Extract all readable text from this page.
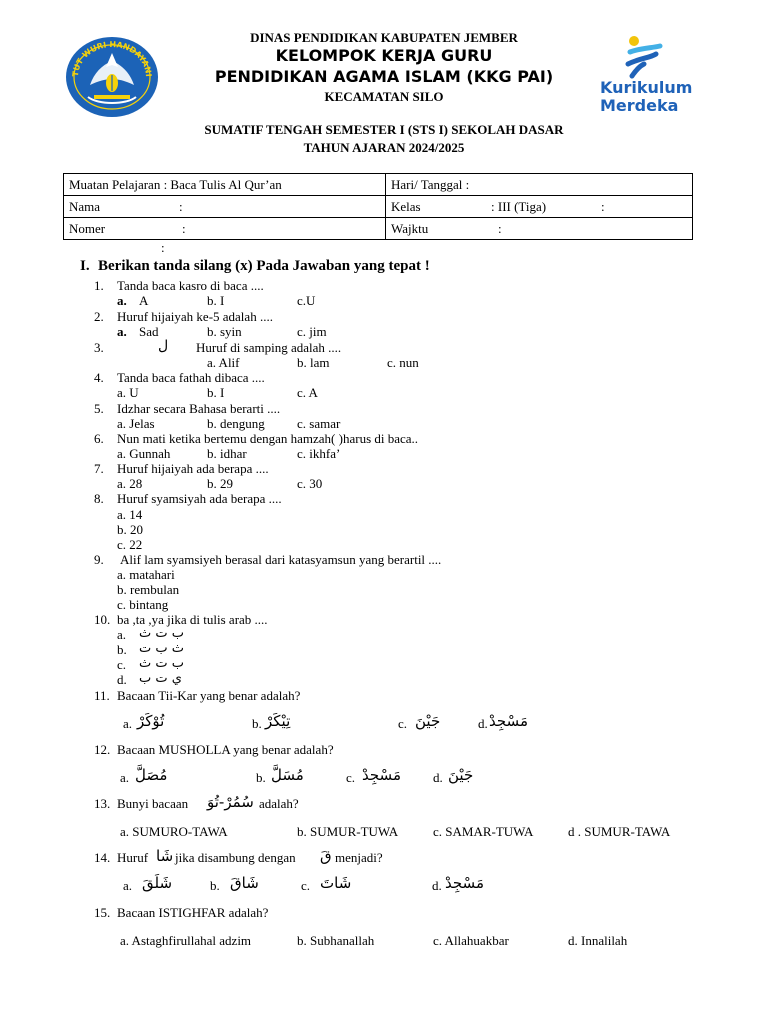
TUT WURI HANDAYANI
Kurikulum
Merdeka
DINAS PENDIDIKAN KABUPATEN JEMBER
KELOMPOK KERJA GURU
PENDIDIKAN AGAMA ISLAM (KKG PAI)
KECAMATAN SILO
SUMATIF TENGAH SEMESTER I (STS I) SEKOLAH DASAR
TAHUN AJARAN 2024/2025
Muatan Pelajaran : Baca Tulis Al Qur’an	Hari/ Tanggal :
Nama :	Kelas : III (Tiga) :
Nomer :	Wajktu :
:
I. Berikan tanda silang (x) Pada Jawaban yang tepat !
1. Tanda baca kasro di baca ....
a. A	b. I	c.U
2. Huruf hijaiyah ke-5 adalah ....
a. Sad	b. syin	c. jim
3.	ل Huruf di samping adalah ....
a. Alif	b. lam	c. nun
4. Tanda baca fathah dibaca ....
a. U	b. I	c. A
5. Idzhar secara Bahasa berarti ....
a. Jelas	b. dengung c. samar
6. Nun mati ketika bertemu dengan hamzah( )harus di baca..
a. Gunnah	b. idhar	c. ikhfa’
7. Huruf hijaiyah ada berapa ....
a. 28	b. 29	c. 30
8. Huruf syamsiyah ada berapa ....
a. 14
b. 20
c. 22
9. Alif lam syamsiyeh berasal dari katasyamsun yang berartil ....
a. matahari
b. rembulan
c. bintang
10. ba ,ta ,ya jika di tulis arab ....
a. ب ت ث
b. ث ب ت
c. ب ت ث
d. ي ت ب
11. Bacaan Tii-Kar yang benar adalah?
a. تُوْكَرْ	b. تِيْكَرْ	c. جَيْنَ	d. مَسْجِدْ
12. Bacaan MUSHOLLA yang benar adalah?
a. مُصَلَّ	b. مُسَلَّ	c. مَسْجِدْ d. جَيْنَ
13. Bunyi bacaan سُمُرْ-تُوَ adalah?
a. SUMURO-TAWA	b. SUMUR-TUWA	c. SAMAR-TUWA	d . SUMUR-TAWA
14. Huruf شَا jika disambung dengan قَ menjadi?
a. شَلَقَ	b. شَاقَ	c. شَاتَ	d. مَسْجِدْ
15. Bacaan ISTIGHFAR adalah?
a. Astaghfirullahal adzim	b. Subhanallah	c. Allahuakbar	d. Innalilah
